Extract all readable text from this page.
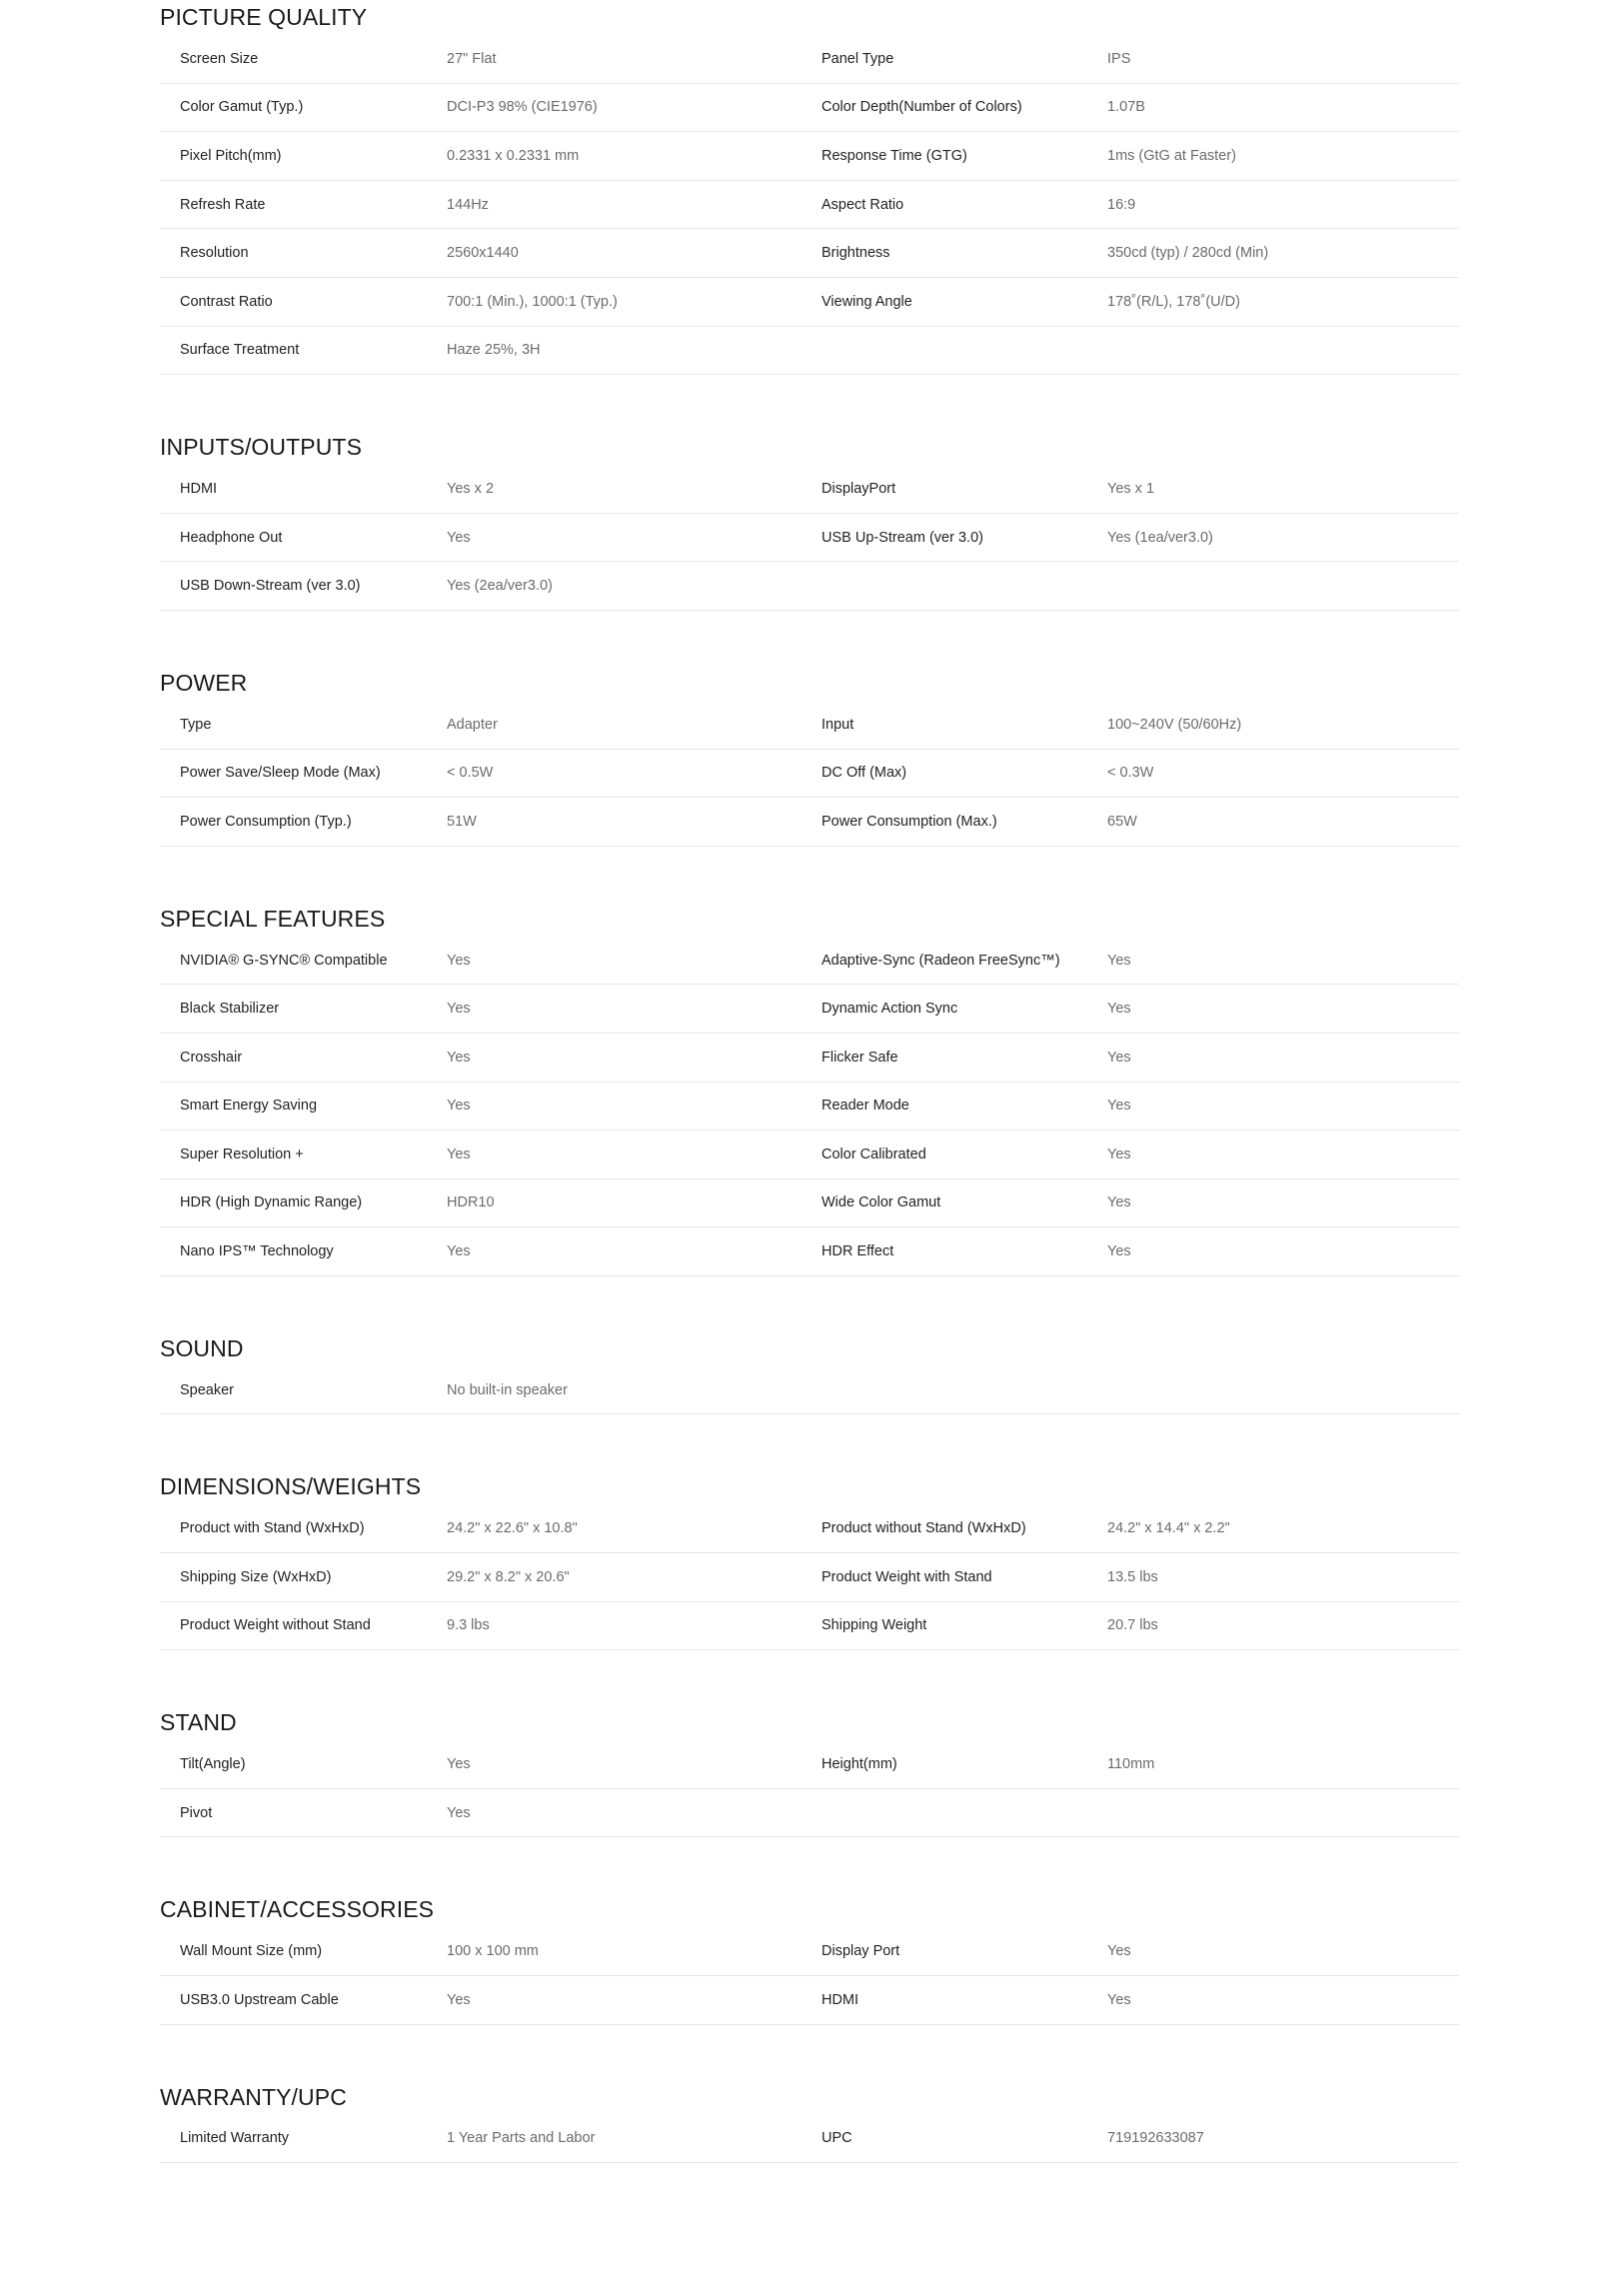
PICTURE QUALITY
Screen Size	27" Flat	Panel Type	IPS
Color Gamut (Typ.)	DCI-P3 98% (CIE1976)	Color Depth(Number of Colors)	1.07B
Pixel Pitch(mm)	0.2331 x 0.2331 mm	Response Time (GTG)	1ms (GtG at Faster)
Refresh Rate	144Hz	Aspect Ratio	16:9
Resolution	2560x1440	Brightness	350cd (typ) / 280cd (Min)
Contrast Ratio	700:1 (Min.), 1000:1 (Typ.)	Viewing Angle	178˚(R/L), 178˚(U/D)
Surface Treatment	Haze 25%, 3H
INPUTS/OUTPUTS
HDMI	Yes x 2	DisplayPort	Yes x 1
Headphone Out	Yes	USB Up-Stream (ver 3.0)	Yes (1ea/ver3.0)
USB Down-Stream (ver 3.0)	Yes (2ea/ver3.0)
POWER
Type	Adapter	Input	100~240V (50/60Hz)
Power Save/Sleep Mode (Max)	< 0.5W	DC Off (Max)	< 0.3W
Power Consumption (Typ.)	51W	Power Consumption (Max.)	65W
SPECIAL FEATURES
NVIDIA® G-SYNC® Compatible	Yes	Adaptive-Sync (Radeon FreeSync™)	Yes
Black Stabilizer	Yes	Dynamic Action Sync	Yes
Crosshair	Yes	Flicker Safe	Yes
Smart Energy Saving	Yes	Reader Mode	Yes
Super Resolution +	Yes	Color Calibrated	Yes
HDR (High Dynamic Range)	HDR10	Wide Color Gamut	Yes
Nano IPS™ Technology	Yes	HDR Effect	Yes
SOUND
Speaker	No built-in speaker
DIMENSIONS/WEIGHTS
Product with Stand (WxHxD)	24.2" x 22.6" x 10.8"	Product without Stand (WxHxD)	24.2" x 14.4" x 2.2"
Shipping Size (WxHxD)	29.2" x 8.2" x 20.6"	Product Weight with Stand	13.5 lbs
Product Weight without Stand	9.3 lbs	Shipping Weight	20.7 lbs
STAND
Tilt(Angle)	Yes	Height(mm)	110mm
Pivot	Yes
CABINET/ACCESSORIES
Wall Mount Size (mm)	100 x 100 mm	Display Port	Yes
USB3.0 Upstream Cable	Yes	HDMI	Yes
WARRANTY/UPC
Limited Warranty	1 Year Parts and Labor	UPC	719192633087
